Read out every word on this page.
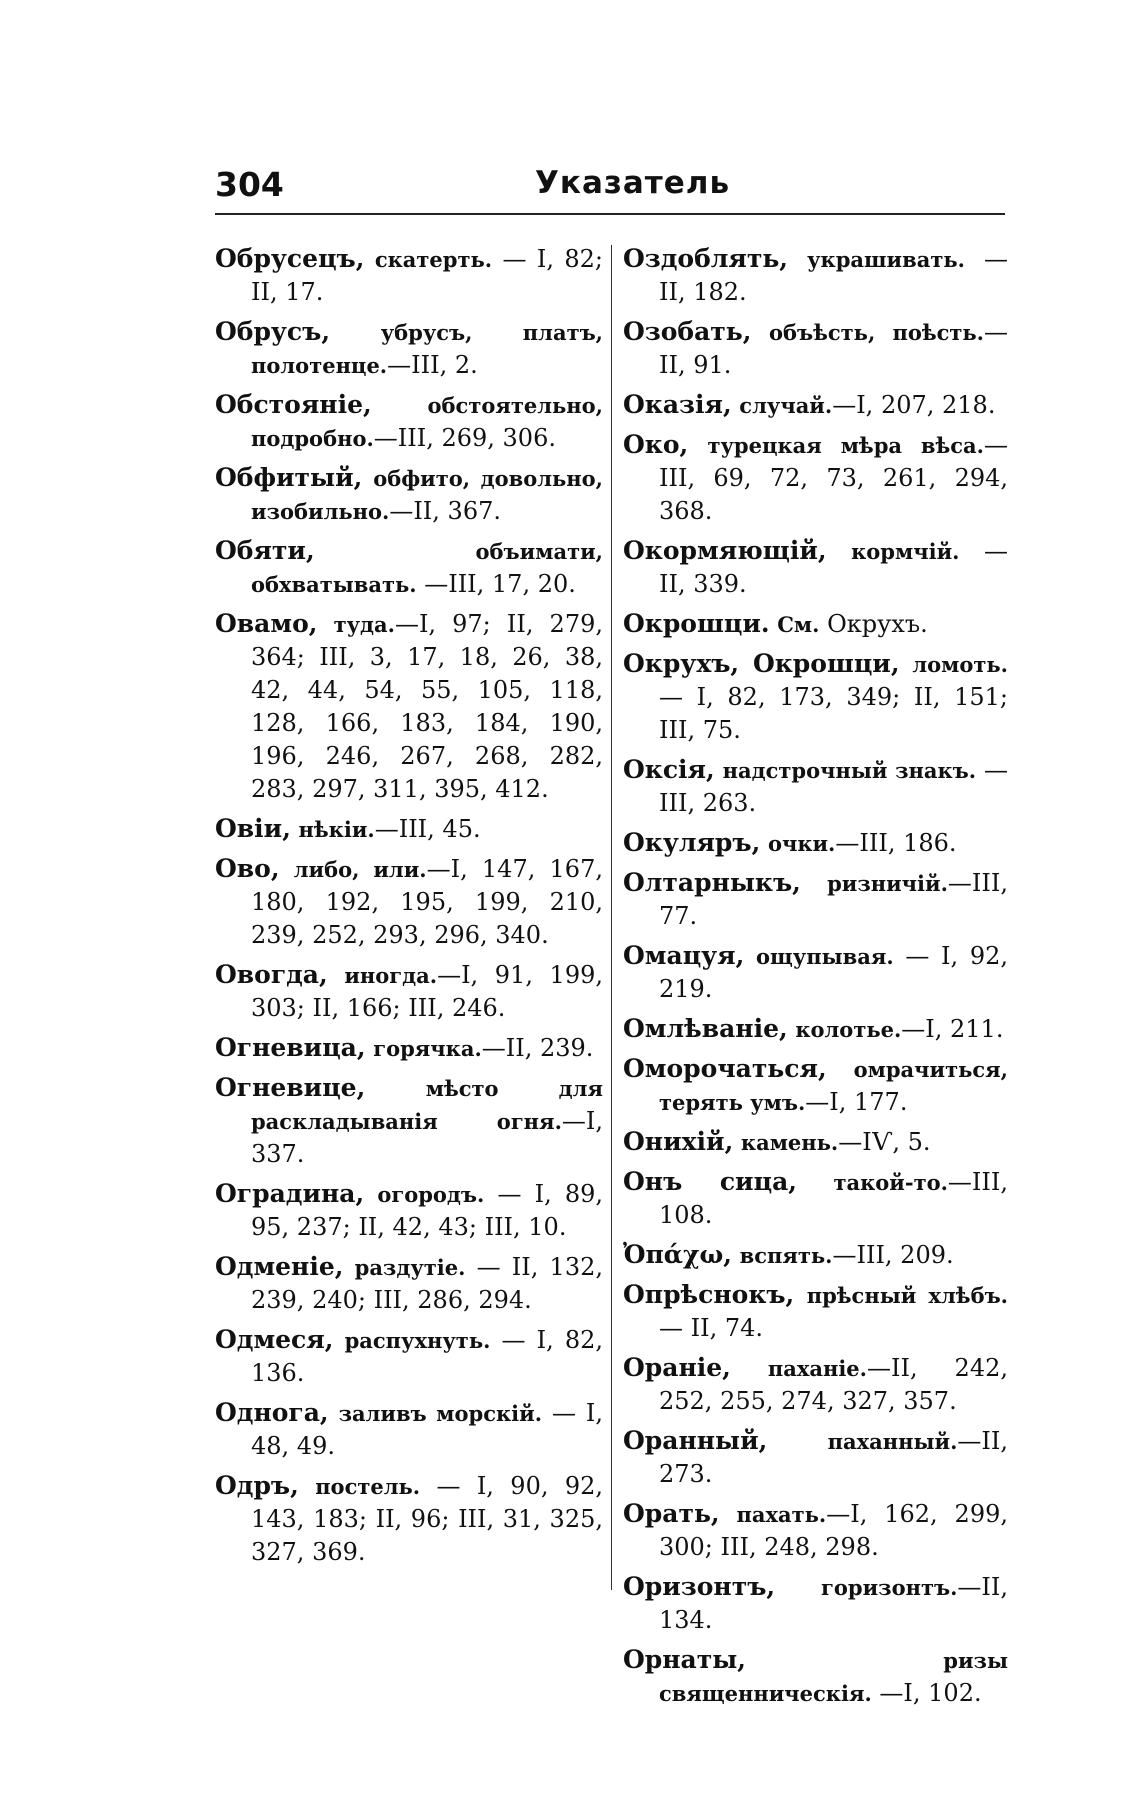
304	Указатель
Обрусецъ, скатерть. — I, 82; II, 17.
Обрусъ, убрусъ, платъ, полотенце.—III, 2.
Обстояніе,	обстоятельно, подробно.—III, 269, 306.
Обфитый, обфито, довольно, изобильно.—II, 367.
Обяти,	объимати, обхватывать. —III, 17, 20.
Овамо, туда.—I, 97; II, 279, 364; III, 3, 17, 18, 26, 38, 42, 44, 54, 55, 105, 118, 128, 166, 183, 184, 190, 196, 246, 267, 268, 282, 283, 297, 311, 395, 412.
Овіи, нѣкіи.—III, 45.
Ово, либо, или.—I, 147, 167, 180, 192, 195, 199, 210, 239, 252, 293, 296, 340.
Овогда, иногда.—I, 91, 199, 303; II, 166; III, 246.
Огневица, горячка.—II, 239.
Огневице,	мѣсто для раскладыванія огня.—I, 337.
Оградина, огородъ. — I, 89, 95, 237; II, 42, 43; III, 10.
Одменіе, раздутіе. — II, 132, 239, 240; III, 286, 294.
Одмеся, распухнуть. — I, 82, 136.
Однога, заливъ морскій. — I, 48, 49.
Одръ, постель. — I, 90, 92, 143, 183; II, 96; III, 31, 325, 327, 369.
Оздоблять, украшивать. — II, 182.
Озобать, объѣсть, поѣсть.—II, 91.
Оказія, случай.—I, 207, 218.
Око, турецкая мѣра вѣса.— III, 69, 72, 73, 261, 294, 368.
Окормяющій, кормчій. — II, 339.
Окрошци. См. Окрухъ.
Окрухъ, Окрошци, ломоть.— I, 82, 173, 349; II, 151; III, 75.
Оксія, надстрочный знакъ. — III, 263.
Окуляръ, очки.—III, 186.
Олтарныкъ, ризничій.—III, 77.
Омацуя, ощупывая. — I, 92, 219.
Омлѣваніе, колотье.—I, 211.
Оморочаться, омрачиться, терять умъ.—I, 177.
Онихій, камень.—IѴ, 5.
Онъ сица, такой-то.—III, 108.
Ὀπάχω, вспять.—III, 209.
Опрѣснокъ, прѣсный хлѣбъ.— II, 74.
Ораніе, паханіе.—II, 242, 252, 255, 274, 327, 357.
Оранный,	паханный.—II, 273.
Орать, пахать.—I, 162, 299, 300; III, 248, 298.
Оризонтъ, горизонтъ.—II, 134.
Орнаты,	ризы священническія. —I, 102.
